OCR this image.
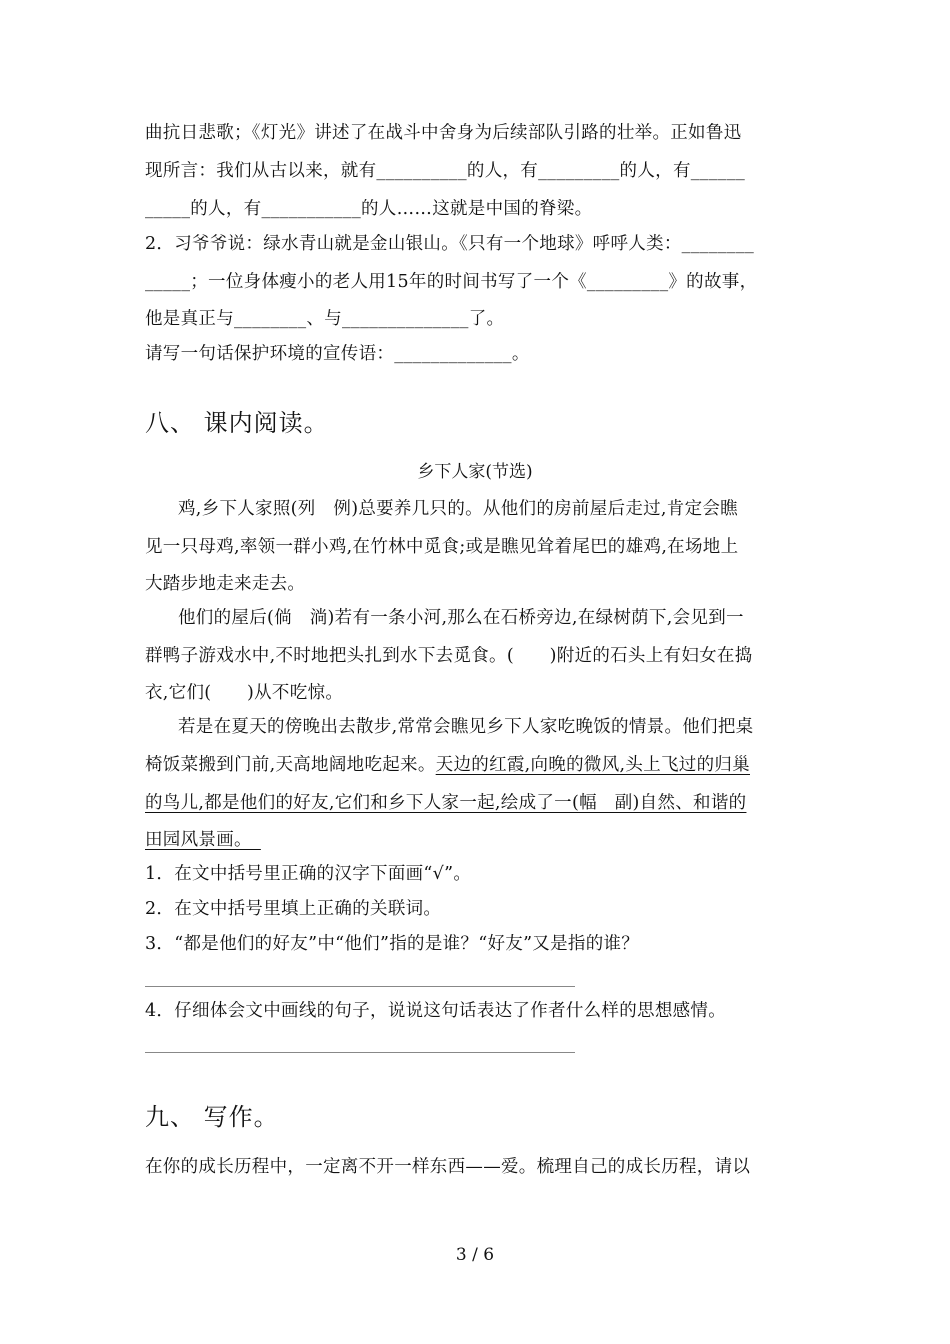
曲抗日悲歌；《灯光》讲述了在战斗中舍身为后续部队引路的壮举。正如鲁迅
现所言：我们从古以来，就有__________的人，有_________的人，有______
_____的人，有___________的人……这就是中国的脊梁。
2．习爷爷说：绿水青山就是金山银山。《只有一个地球》呼呼人类：________
_____；一位身体瘦小的老人用15年的时间书写了一个《_________》的故事，
他是真正与________、与______________了。
请写一句话保护环境的宣传语：_____________。
八、 课内阅读。
乡下人家(节选)
鸡,乡下人家照(列　例)总要养几只的。从他们的房前屋后走过,肯定会瞧
见一只母鸡,率领一群小鸡,在竹林中觅食;或是瞧见耸着尾巴的雄鸡,在场地上
大踏步地走来走去。
他们的屋后(倘　淌)若有一条小河,那么在石桥旁边,在绿树荫下,会见到一
群鸭子游戏水中,不时地把头扎到水下去觅食。(　　)附近的石头上有妇女在捣
衣,它们(　　)从不吃惊。
若是在夏天的傍晚出去散步,常常会瞧见乡下人家吃晚饭的情景。他们把桌
椅饭菜搬到门前,天高地阔地吃起来。天边的红霞,向晚的微风,头上飞过的归巢
的鸟儿,都是他们的好友,它们和乡下人家一起,绘成了一(幅　副)自然、和谐的
田园风景画。　
1．在文中括号里正确的汉字下面画“√”。
2．在文中括号里填上正确的关联词。
3．“都是他们的好友”中“他们”指的是谁？“好友”又是指的谁？
4．仔细体会文中画线的句子，说说这句话表达了作者什么样的思想感情。
九、 写作。
在你的成长历程中，一定离不开一样东西——爱。梳理自己的成长历程，请以
3 / 6
